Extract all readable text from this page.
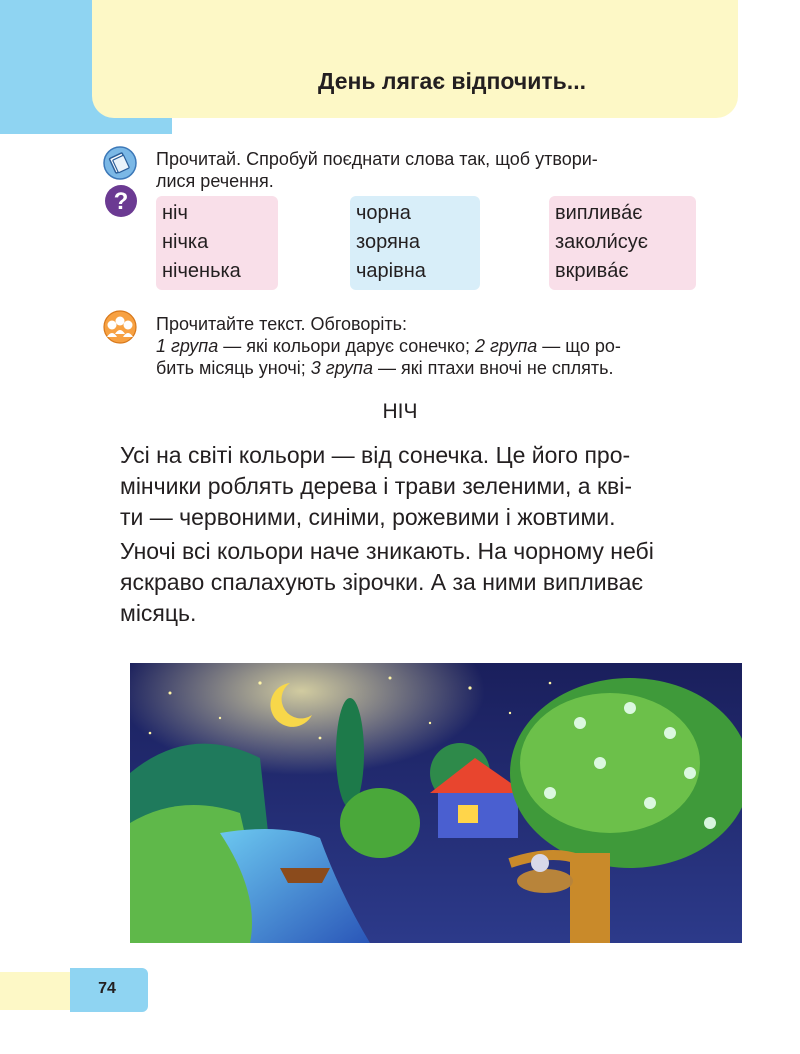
День лягає відпочить...
?
Прочитай. Спробуй поєднати слова так, щоб утвори-
лися речення.
ніч
нічка
ніченька
чорна
зоряна
чарівна
випливáє
заколи́сує
вкривáє
Прочитайте текст. Обговоріть:
1 група — які кольори дарує сонечко; 2 група — що ро-
бить місяць уночі; 3 група — які птахи вночі не сплять.
НІЧ
Усі на світі кольори — від сонечка. Це його про-
мінчики роблять дерева і трави зеленими, а кві-
ти — червоними, синіми, рожевими і жовтими.
Уночі всі кольори наче зникають. На чорному небі
яскраво спалахують зірочки. А за ними випливає
місяць.
74
